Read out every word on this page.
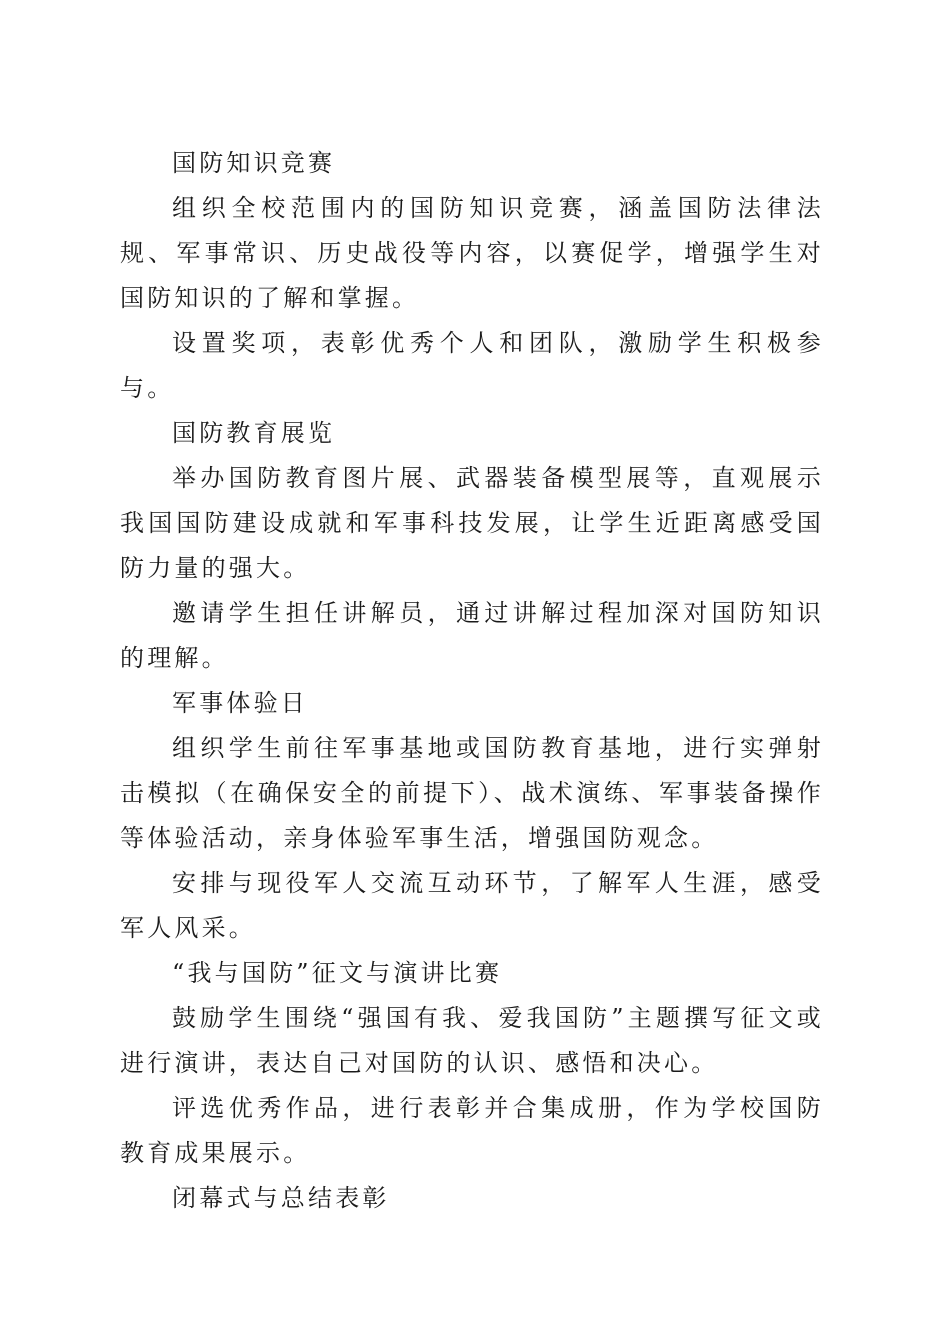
国防知识竞赛

组织全校范围内的国防知识竞赛，涵盖国防法律法规、军事常识、历史战役等内容，以赛促学，增强学生对国防知识的了解和掌握。

设置奖项，表彰优秀个人和团队，激励学生积极参与。

国防教育展览

举办国防教育图片展、武器装备模型展等，直观展示我国国防建设成就和军事科技发展，让学生近距离感受国防力量的强大。

邀请学生担任讲解员，通过讲解过程加深对国防知识的理解。

军事体验日

组织学生前往军事基地或国防教育基地，进行实弹射击模拟（在确保安全的前提下）、战术演练、军事装备操作等体验活动，亲身体验军事生活，增强国防观念。

安排与现役军人交流互动环节，了解军人生涯，感受军人风采。

“我与国防”征文与演讲比赛

鼓励学生围绕“强国有我、爱我国防”主题撰写征文或进行演讲，表达自己对国防的认识、感悟和决心。

评选优秀作品，进行表彰并合集成册，作为学校国防教育成果展示。

闭幕式与总结表彰
